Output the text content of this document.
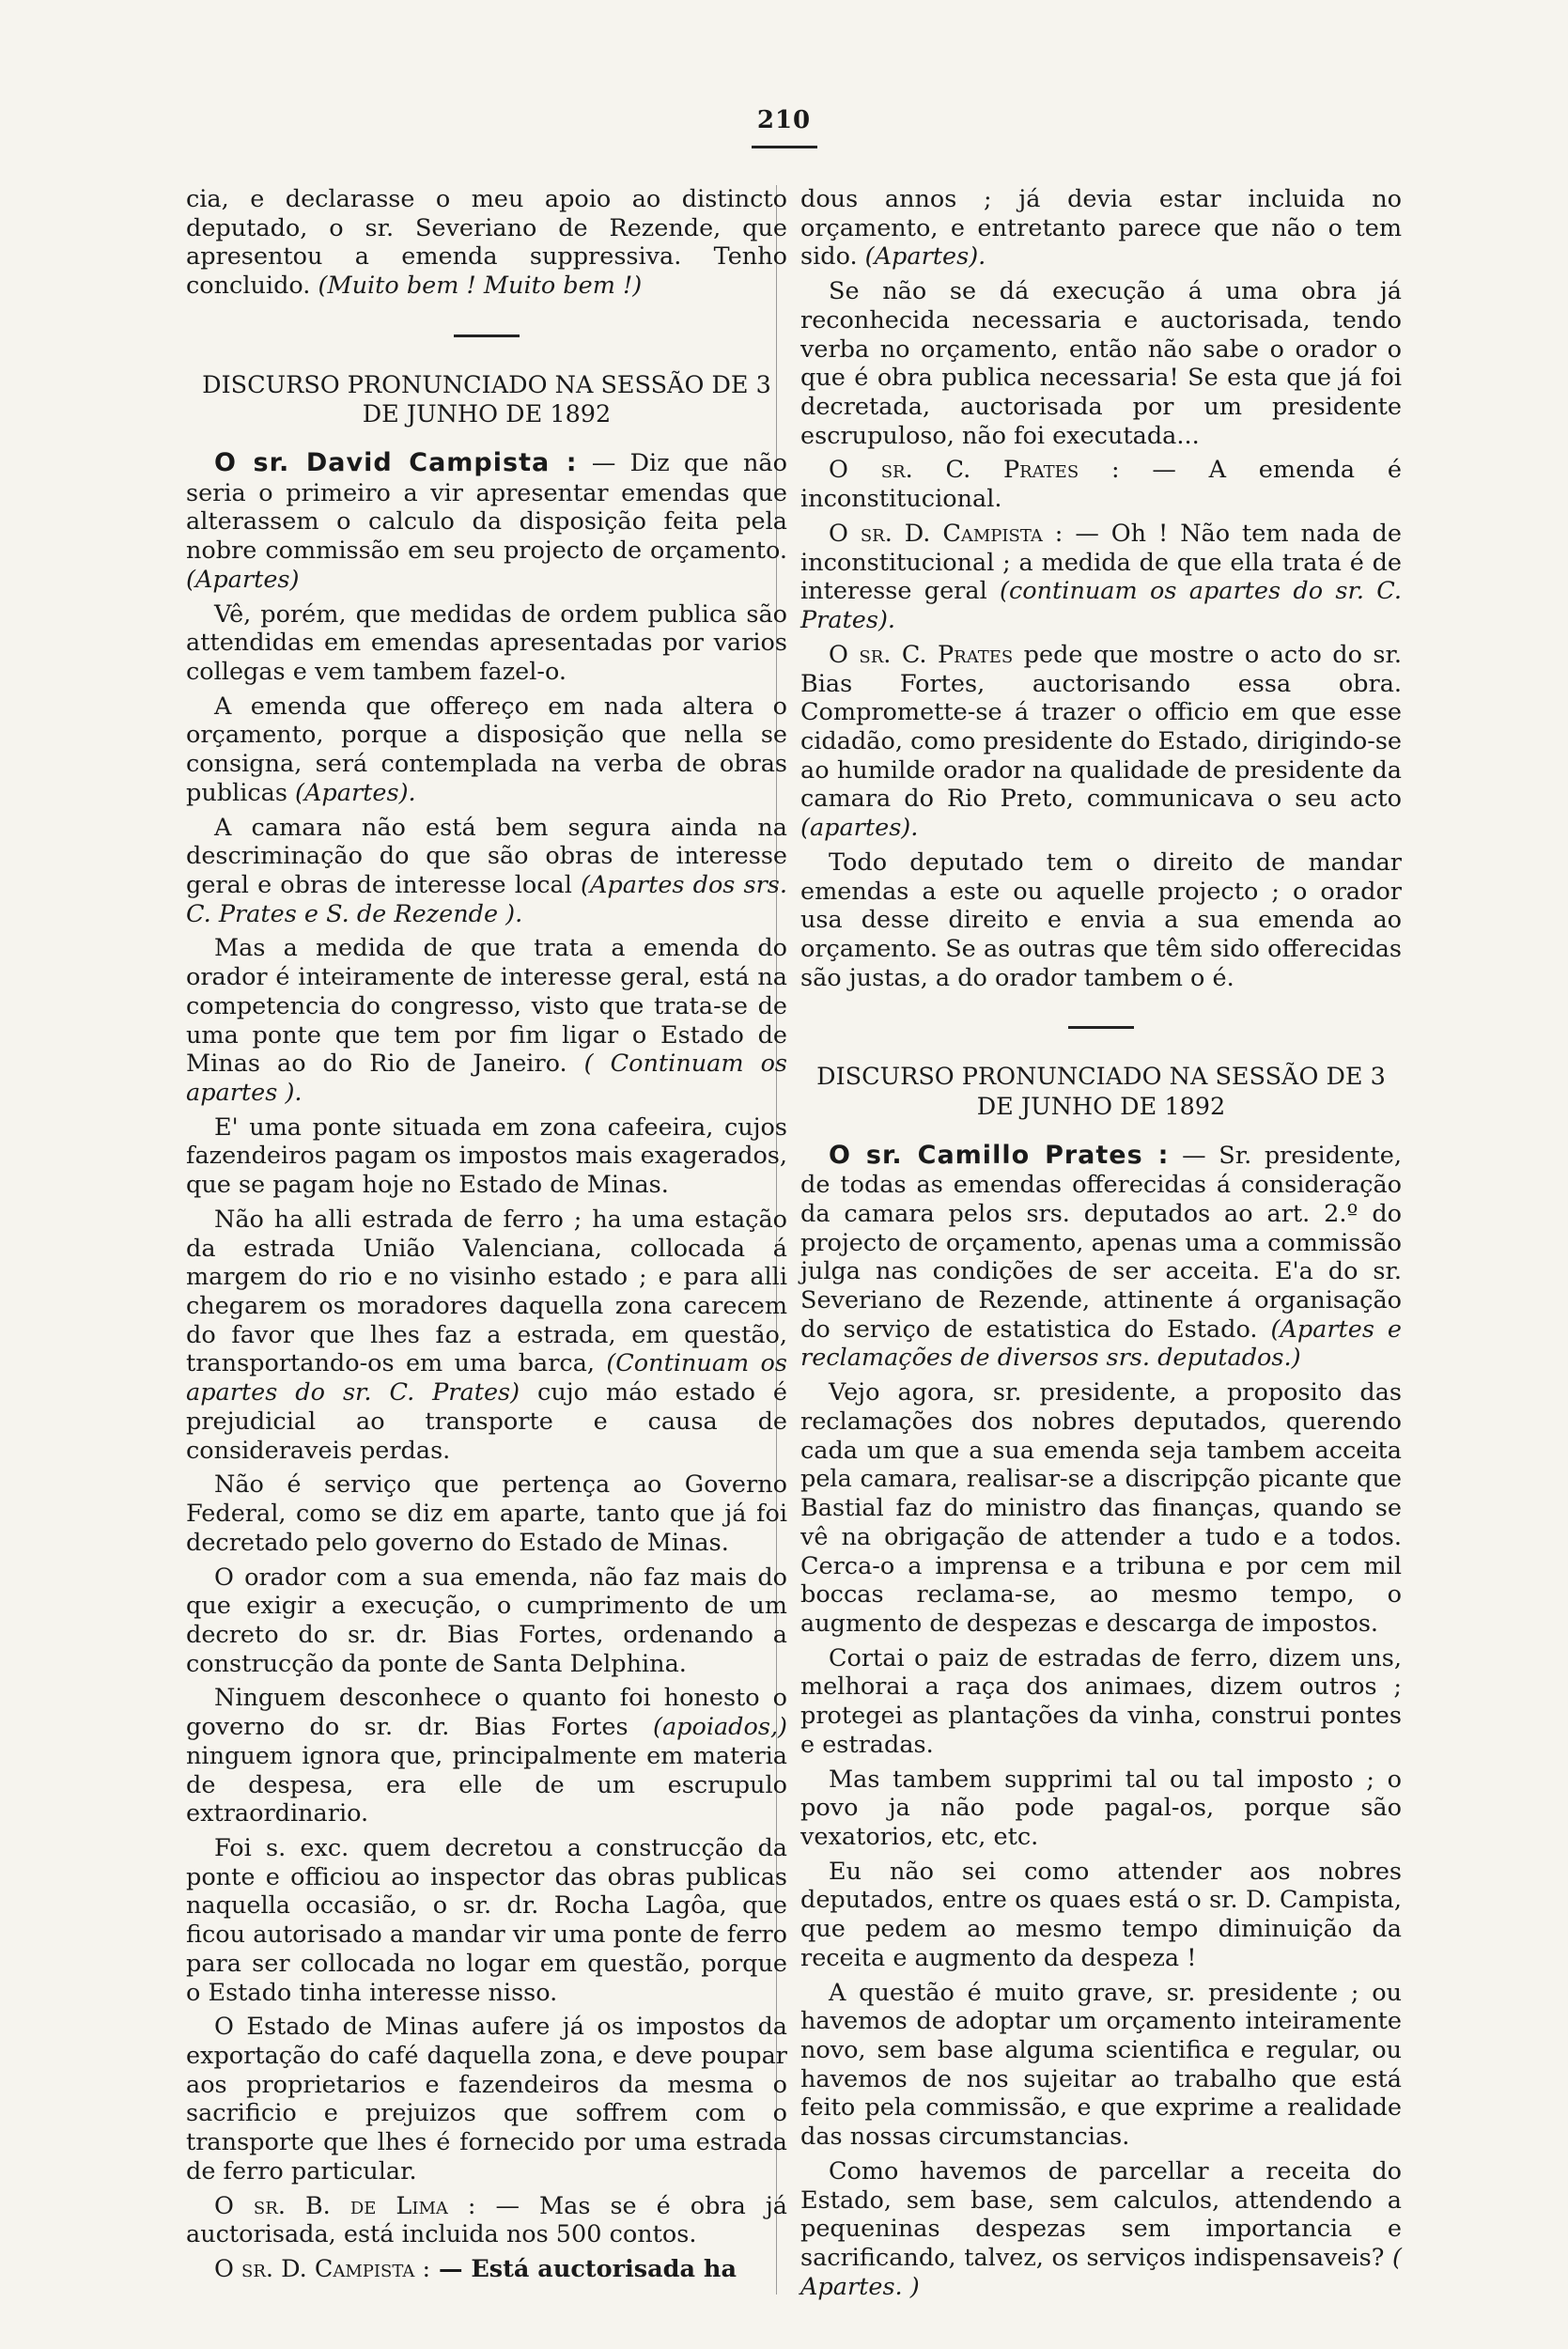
210

cia, e declarasse o meu apoio ao distincto deputado, o sr. Severiano de Rezende, que apresentou a emenda suppressiva. Tenho concluido. (Muito bem ! Muito bem !)

DISCURSO PRONUNCIADO NA SESSÃO DE 3 DE JUNHO DE 1892

O sr. David Campista : — Diz que não seria o primeiro a vir apresentar emendas que alterassem o calculo da disposição feita pela nobre commissão em seu projecto de orçamento. (Apartes)

Vê, porém, que medidas de ordem publica são attendidas em emendas apresentadas por varios collegas e vem tambem fazel-o.

A emenda que offereço em nada altera o orçamento, porque a disposição que nella se consigna, será contemplada na verba de obras publicas (Apartes).

A camara não está bem segura ainda na descriminação do que são obras de interesse geral e obras de interesse local (Apartes dos srs. C. Prates e S. de Rezende ).

Mas a medida de que trata a emenda do orador é inteiramente de interesse geral, está na competencia do congresso, visto que trata-se de uma ponte que tem por fim ligar o Estado de Minas ao do Rio de Janeiro. ( Continuam os apartes ).

E' uma ponte situada em zona cafeeira, cujos fazendeiros pagam os impostos mais exagerados, que se pagam hoje no Estado de Minas.

Não ha alli estrada de ferro ; ha uma estação da estrada União Valenciana, collocada á margem do rio e no visinho estado ; e para alli chegarem os moradores daquella zona carecem do favor que lhes faz a estrada, em questão, transportando-os em uma barca, (Continuam os apartes do sr. C. Prates) cujo máo estado é prejudicial ao transporte e causa de consideraveis perdas.

Não é serviço que pertença ao Governo Federal, como se diz em aparte, tanto que já foi decretado pelo governo do Estado de Minas.

O orador com a sua emenda, não faz mais do que exigir a execução, o cumprimento de um decreto do sr. dr. Bias Fortes, ordenando a construcção da ponte de Santa Delphina.

Ninguem desconhece o quanto foi honesto o governo do sr. dr. Bias Fortes (apoiados,) ninguem ignora que, principalmente em materia de despesa, era elle de um escrupulo extraordinario.

Foi s. exc. quem decretou a construcção da ponte e officiou ao inspector das obras publicas naquella occasião, o sr. dr. Rocha Lagôa, que ficou autorisado a mandar vir uma ponte de ferro para ser collocada no logar em questão, porque o Estado tinha interesse nisso.

O Estado de Minas aufere já os impostos da exportação do café daquella zona, e deve poupar aos proprietarios e fazendeiros da mesma o sacrificio e prejuizos que soffrem com o transporte que lhes é fornecido por uma estrada de ferro particular.

O sr. B. de Lima : — Mas se é obra já auctorisada, está incluida nos 500 contos.

O sr. D. Campista : — Está auctorisada ha

dous annos ; já devia estar incluida no orçamento, e entretanto parece que não o tem sido. (Apartes).

Se não se dá execução á uma obra já reconhecida necessaria e auctorisada, tendo verba no orçamento, então não sabe o orador o que é obra publica necessaria! Se esta que já foi decretada, auctorisada por um presidente escrupuloso, não foi executada...

O sr. C. Prates : — A emenda é inconstitucional.

O sr. D. Campista : — Oh ! Não tem nada de inconstitucional ; a medida de que ella trata é de interesse geral (continuam os apartes do sr. C. Prates).

O sr. C. Prates pede que mostre o acto do sr. Bias Fortes, auctorisando essa obra. Compromette-se á trazer o officio em que esse cidadão, como presidente do Estado, dirigindo-se ao humilde orador na qualidade de presidente da camara do Rio Preto, communicava o seu acto (apartes).

Todo deputado tem o direito de mandar emendas a este ou aquelle projecto ; o orador usa desse direito e envia a sua emenda ao orçamento. Se as outras que têm sido offerecidas são justas, a do orador tambem o é.

DISCURSO PRONUNCIADO NA SESSÃO DE 3 DE JUNHO DE 1892

O sr. Camillo Prates : — Sr. presidente, de todas as emendas offerecidas á consideração da camara pelos srs. deputados ao art. 2.º do projecto de orçamento, apenas uma a commissão julga nas condições de ser acceita. E'a do sr. Severiano de Rezende, attinente á organisação do serviço de estatistica do Estado. (Apartes e reclamações de diversos srs. deputados.)

Vejo agora, sr. presidente, a proposito das reclamações dos nobres deputados, querendo cada um que a sua emenda seja tambem acceita pela camara, realisar-se a discripção picante que Bastial faz do ministro das finanças, quando se vê na obrigação de attender a tudo e a todos. Cerca-o a imprensa e a tribuna e por cem mil boccas reclama-se, ao mesmo tempo, o augmento de despezas e descarga de impostos.

Cortai o paiz de estradas de ferro, dizem uns, melhorai a raça dos animaes, dizem outros ; protegei as plantações da vinha, construi pontes e estradas.

Mas tambem supprimi tal ou tal imposto ; o povo ja não pode pagal-os, porque são vexatorios, etc, etc.

Eu não sei como attender aos nobres deputados, entre os quaes está o sr. D. Campista, que pedem ao mesmo tempo diminuição da receita e augmento da despeza !

A questão é muito grave, sr. presidente ; ou havemos de adoptar um orçamento inteiramente novo, sem base alguma scientifica e regular, ou havemos de nos sujeitar ao trabalho que está feito pela commissão, e que exprime a realidade das nossas circumstancias.

Como havemos de parcellar a receita do Estado, sem base, sem calculos, attendendo a pequeninas despezas sem importancia e sacrificando, talvez, os serviços indispensaveis? ( Apartes. )
